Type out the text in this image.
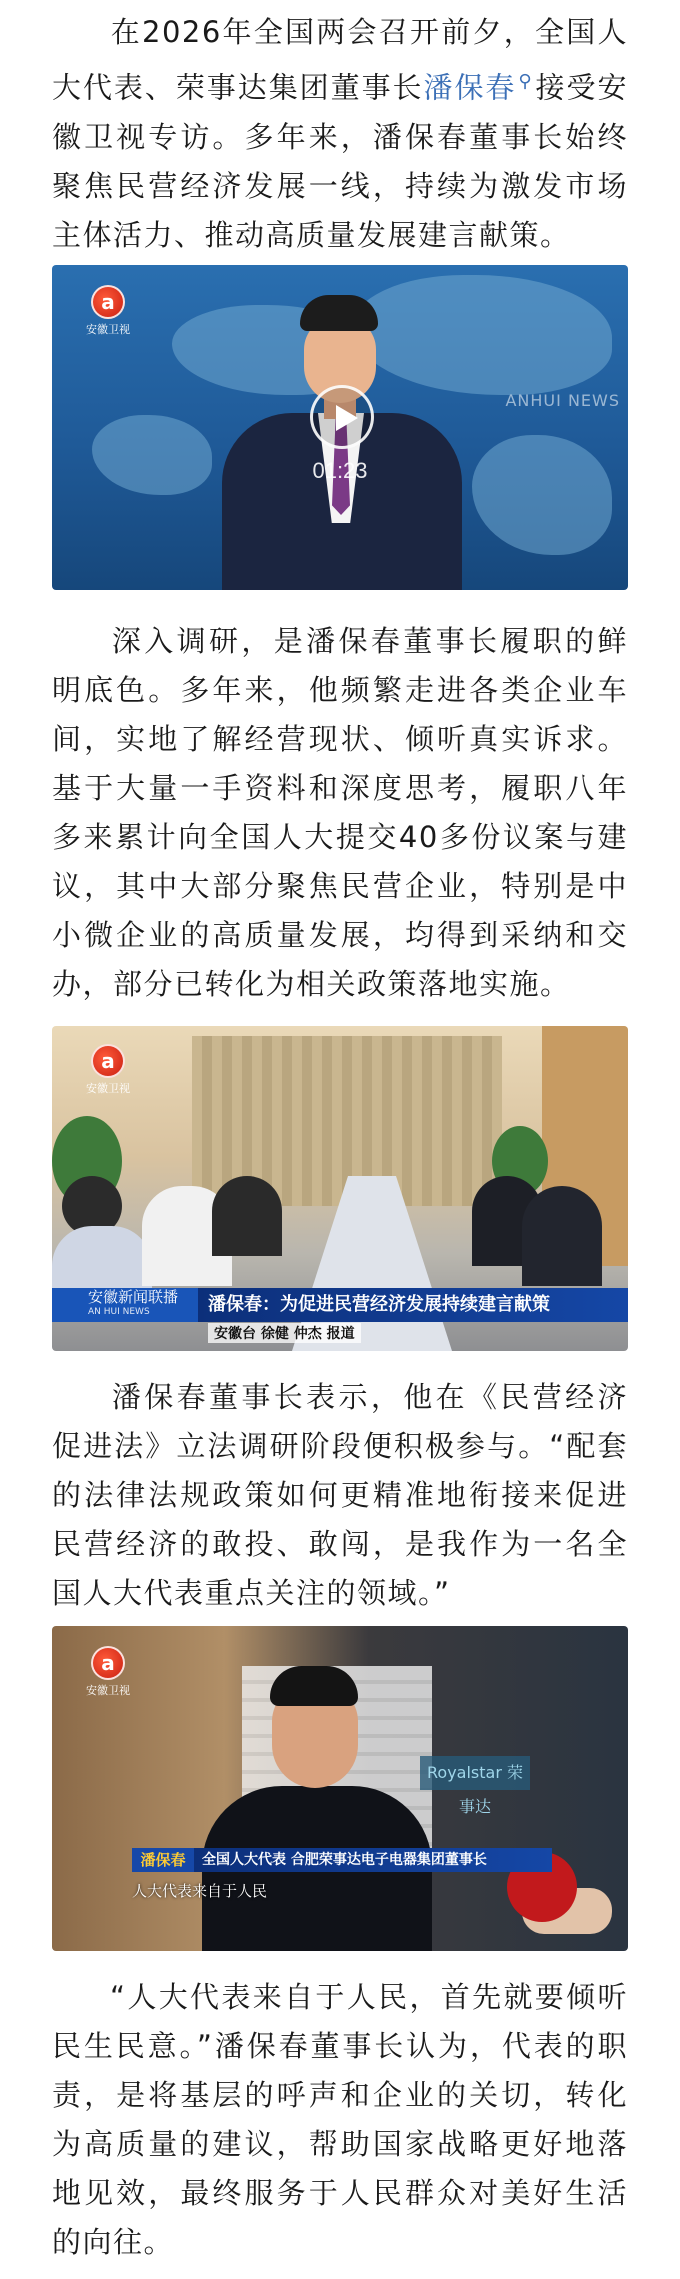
在2026年全国两会召开前夕，全国人大代表、荣事达集团董事长潘保春 ⚲接受安徽卫视专访。多年来，潘保春董事长始终聚焦民营经济发展一线，持续为激发市场主体活力、推动高质量发展建言献策。

ANHUI NEWS
a
安徽卫视
01:23

深入调研，是潘保春董事长履职的鲜明底色。多年来，他频繁走进各类企业车间，实地了解经营现状、倾听真实诉求。基于大量一手资料和深度思考，履职八年多来累计向全国人大提交40多份议案与建议，其中大部分聚焦民营企业，特别是中小微企业的高质量发展，均得到采纳和交办，部分已转化为相关政策落地实施。

a
安徽卫视
安徽新闻联播
AN HUI NEWS	潘保春：为促进民营经济发展持续建言献策
安徽台 徐健 仲杰 报道

潘保春董事长表示，他在《民营经济促进法》立法调研阶段便积极参与。“配套的法律法规政策如何更精准地衔接来促进民营经济的敢投、敢闯，是我作为一名全国人大代表重点关注的领域。”

Royalstar 荣事达
a
安徽卫视
潘保春	全国人大代表 合肥荣事达电子电器集团董事长
人大代表来自于人民

“人大代表来自于人民，首先就要倾听民生民意。”潘保春董事长认为，代表的职责，是将基层的呼声和企业的关切，转化为高质量的建议，帮助国家战略更好地落地见效，最终服务于人民群众对美好生活的向往。
